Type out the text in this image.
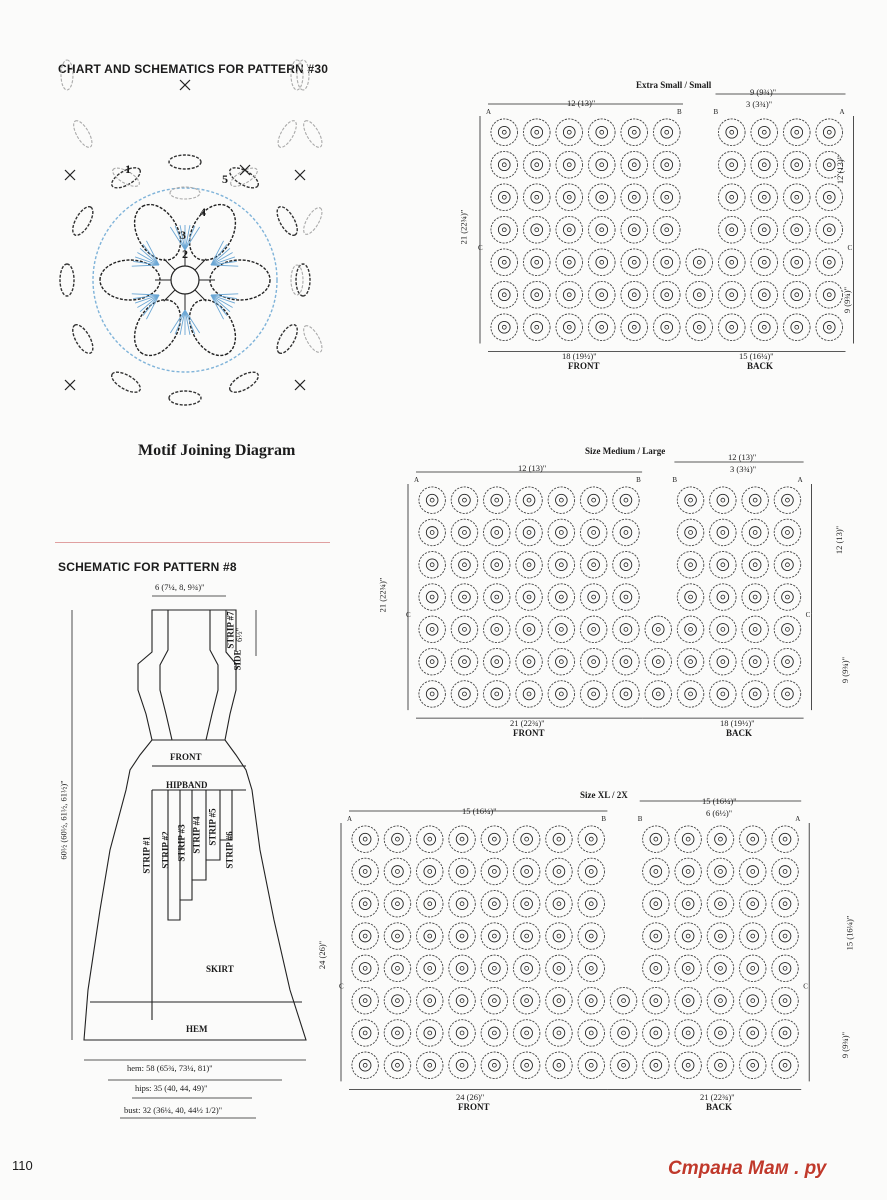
CHART AND SCHEMATICS FOR PATTERN #30
1
2
3
4
5
Motif Joining Diagram
SCHEMATIC FOR PATTERN #8
6 (7¼, 8, 9¾)"
6½"
STRIP #7
SIDE
FRONT
HIPBAND
STRIP #1 STRIP #2 STRIP #3 STRIP #4 STRIP #5
STRIP #6
SKIRT
HEM
60½ (60½, 61½, 61½)"
hem: 58 (65¾, 73¼, 81)"
hips: 35 (40, 44, 49)"
bust: 32 (36¼, 40, 44½ 1/2)"
A	B	B	A
C	C
A	B	B	A
C	C
A	B	B	A
C	C
Extra Small / Small
12 (13)"
9 (9¾)"
3 (3¾)"
21 (22¾)"
12 (13)"
9 (9¾)"
18 (19½)"
FRONT
15 (16¼)"
BACK
Size Medium / Large
12 (13)"
12 (13)"
3 (3¾)"
21 (22¾)"
12 (13)"
9 (9¾)"
21 (22¾)"
FRONT
18 (19½)"
BACK
Size XL / 2X
15 (16¼)"
15 (16¼)"
6 (6½)"
24 (26)"
15 (16¼)"
9 (9¾)"
24 (26)"
FRONT
21 (22¾)"
BACK
110	Страна Мам . ру
